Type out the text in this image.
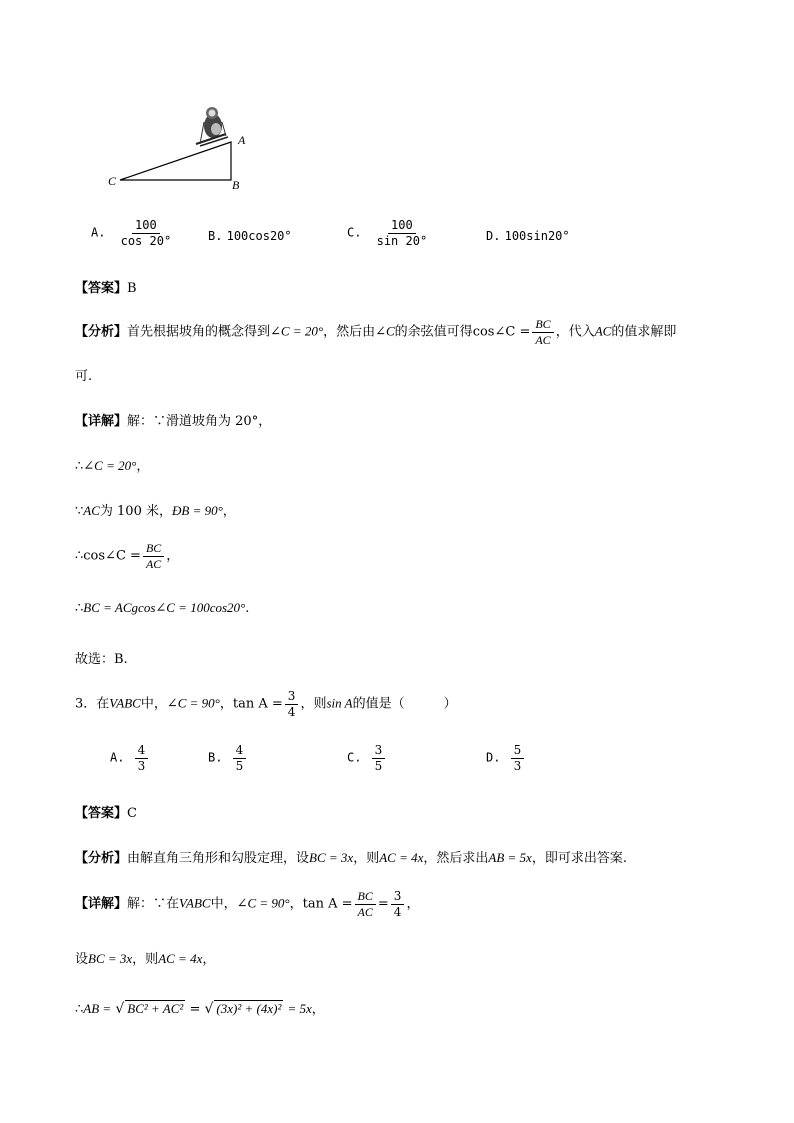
A
B
C
A. $\frac{100}{\cos 20^\circ}$	B. 100cos20°	C. $\frac{100}{\sin 20^\circ}$	D. 100sin20°
【答案】B
【分析】首先根据坡角的概念得到∠C = 20°，然后由∠C的余弦值可得cos∠C = $\frac{BC}{AC}$ ，代入AC的值求解即
可.
【详解】解：∵滑道坡角为 20°，
∴∠C = 20°，
∵AC为 100 米，ÐB = 90°，
∴cos∠C = $\frac{BC}{AC}$ ，
∴BC = ACgcos∠C = 100cos20°.
故选：B.
3．在VABC中，∠C = 90°，$\tan A = \frac{3}{4}$ ，则sin A的值是（　　　）
A. $\frac{4}{3}$	B. $\frac{4}{5}$	C. $\frac{3}{5}$	D. $\frac{5}{3}$
【答案】C
【分析】由解直角三角形和勾股定理，设BC = 3x，则AC = 4x，然后求出AB = 5x，即可求出答案.
【详解】解：∵在VABC中，∠C = 90°，$\tan A = \frac{BC}{AC} = \frac{3}{4}$ ，
设BC = 3x，则AC = 4x，
∴AB = √ BC² + AC² = √ (3x)² + (4x)² = 5x，
